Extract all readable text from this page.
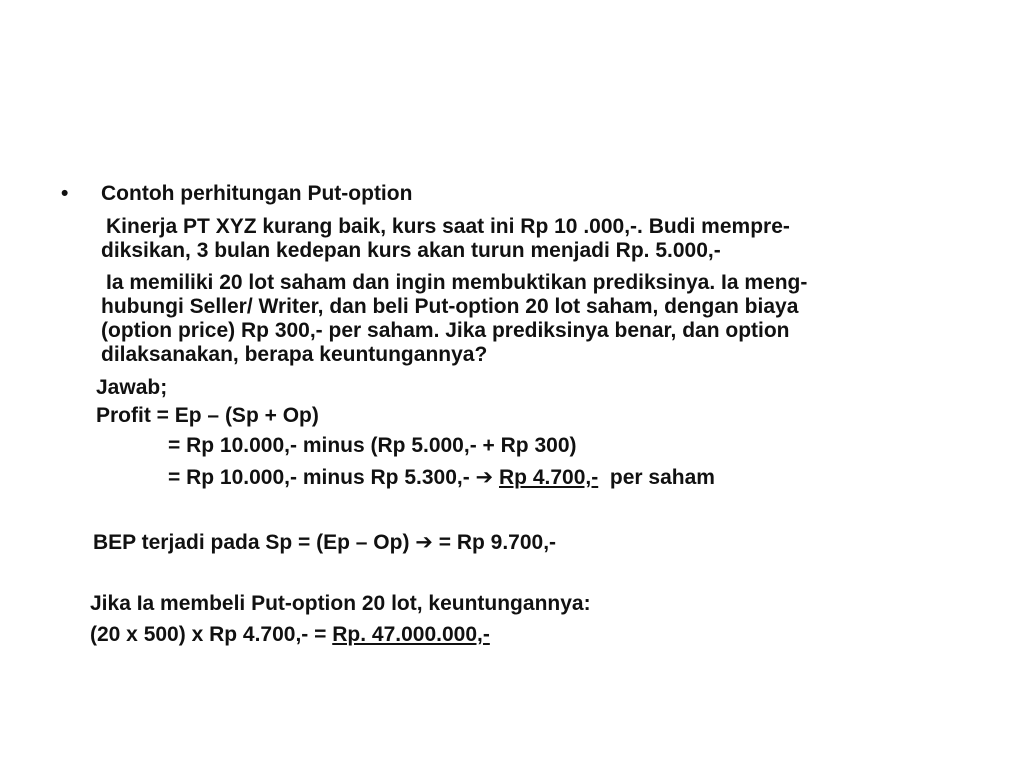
• Contoh perhitungan Put-option
Kinerja PT XYZ kurang baik, kurs saat ini Rp 10 .000,-. Budi mempre-
diksikan, 3 bulan kedepan kurs akan turun menjadi Rp. 5.000,-
Ia memiliki 20 lot saham dan ingin membuktikan prediksinya. Ia meng-
hubungi Seller/ Writer, dan beli Put-option 20 lot saham, dengan biaya
(option price) Rp 300,- per saham. Jika prediksinya benar, dan option
dilaksanakan, berapa keuntungannya?
Jawab;
Profit = Ep – (Sp + Op)
= Rp 10.000,- minus (Rp 5.000,- + Rp 300)
= Rp 10.000,- minus Rp 5.300,- ➔ Rp 4.700,- per saham
BEP terjadi pada Sp = (Ep – Op) ➔ = Rp 9.700,-
Jika Ia membeli Put-option 20 lot, keuntungannya:
(20 x 500) x Rp 4.700,- = Rp. 47.000.000,-
